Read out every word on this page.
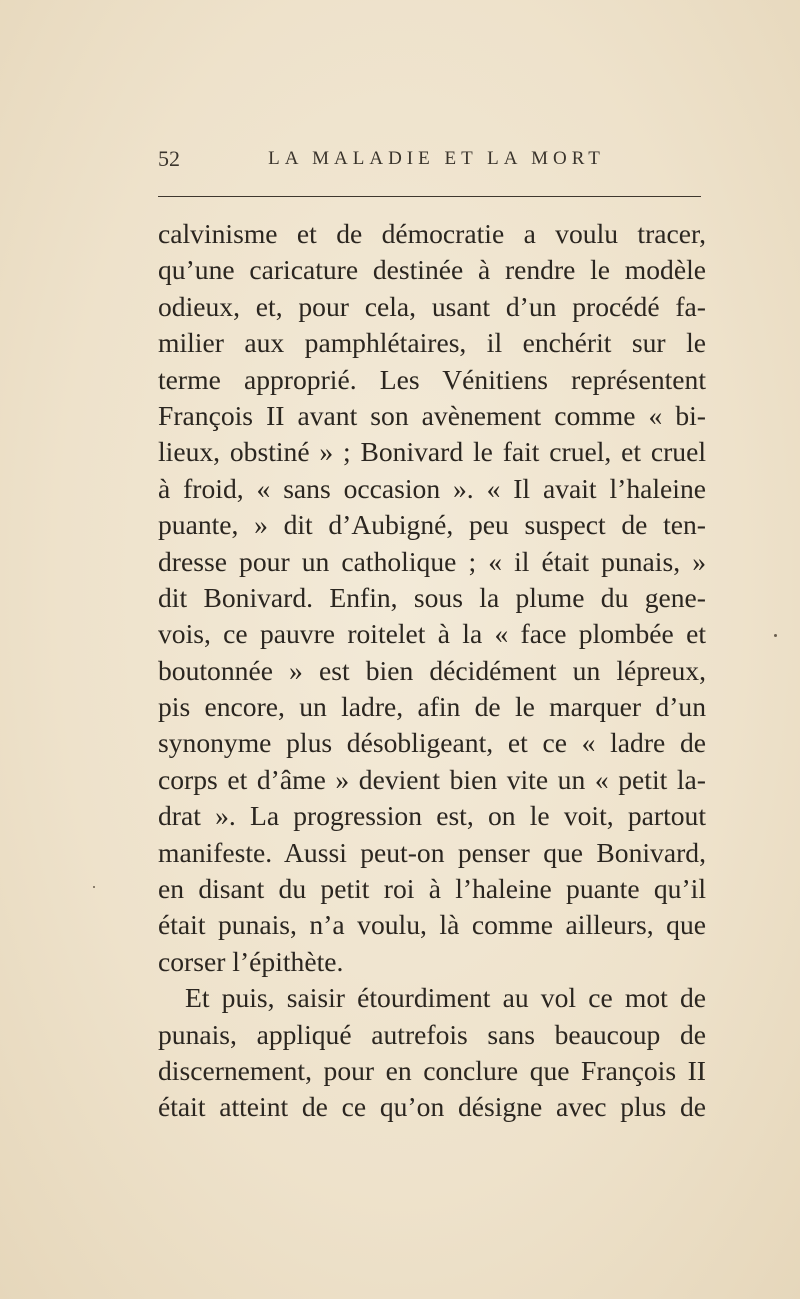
52	LA MALADIE ET LA MORT
calvinisme et de démocratie a voulu tracer,
qu’une caricature destinée à rendre le modèle
odieux, et, pour cela, usant d’un procédé fa-
milier aux pamphlétaires, il enchérit sur le
terme approprié. Les Vénitiens représentent
François II avant son avènement comme « bi-
lieux, obstiné » ; Bonivard le fait cruel, et cruel
à froid, « sans occasion ». « Il avait l’haleine
puante, » dit d’Aubigné, peu suspect de ten-
dresse pour un catholique ; « il était punais, »
dit Bonivard. Enfin, sous la plume du gene-
vois, ce pauvre roitelet à la « face plombée et
boutonnée » est bien décidément un lépreux,
pis encore, un ladre, afin de le marquer d’un
synonyme plus désobligeant, et ce « ladre de
corps et d’âme » devient bien vite un « petit la-
drat ». La progression est, on le voit, partout
manifeste. Aussi peut-on penser que Bonivard,
en disant du petit roi à l’haleine puante qu’il
était punais, n’a voulu, là comme ailleurs, que
corser l’épithète.
Et puis, saisir étourdiment au vol ce mot de
punais, appliqué autrefois sans beaucoup de
discernement, pour en conclure que François II
était atteint de ce qu’on désigne avec plus de
